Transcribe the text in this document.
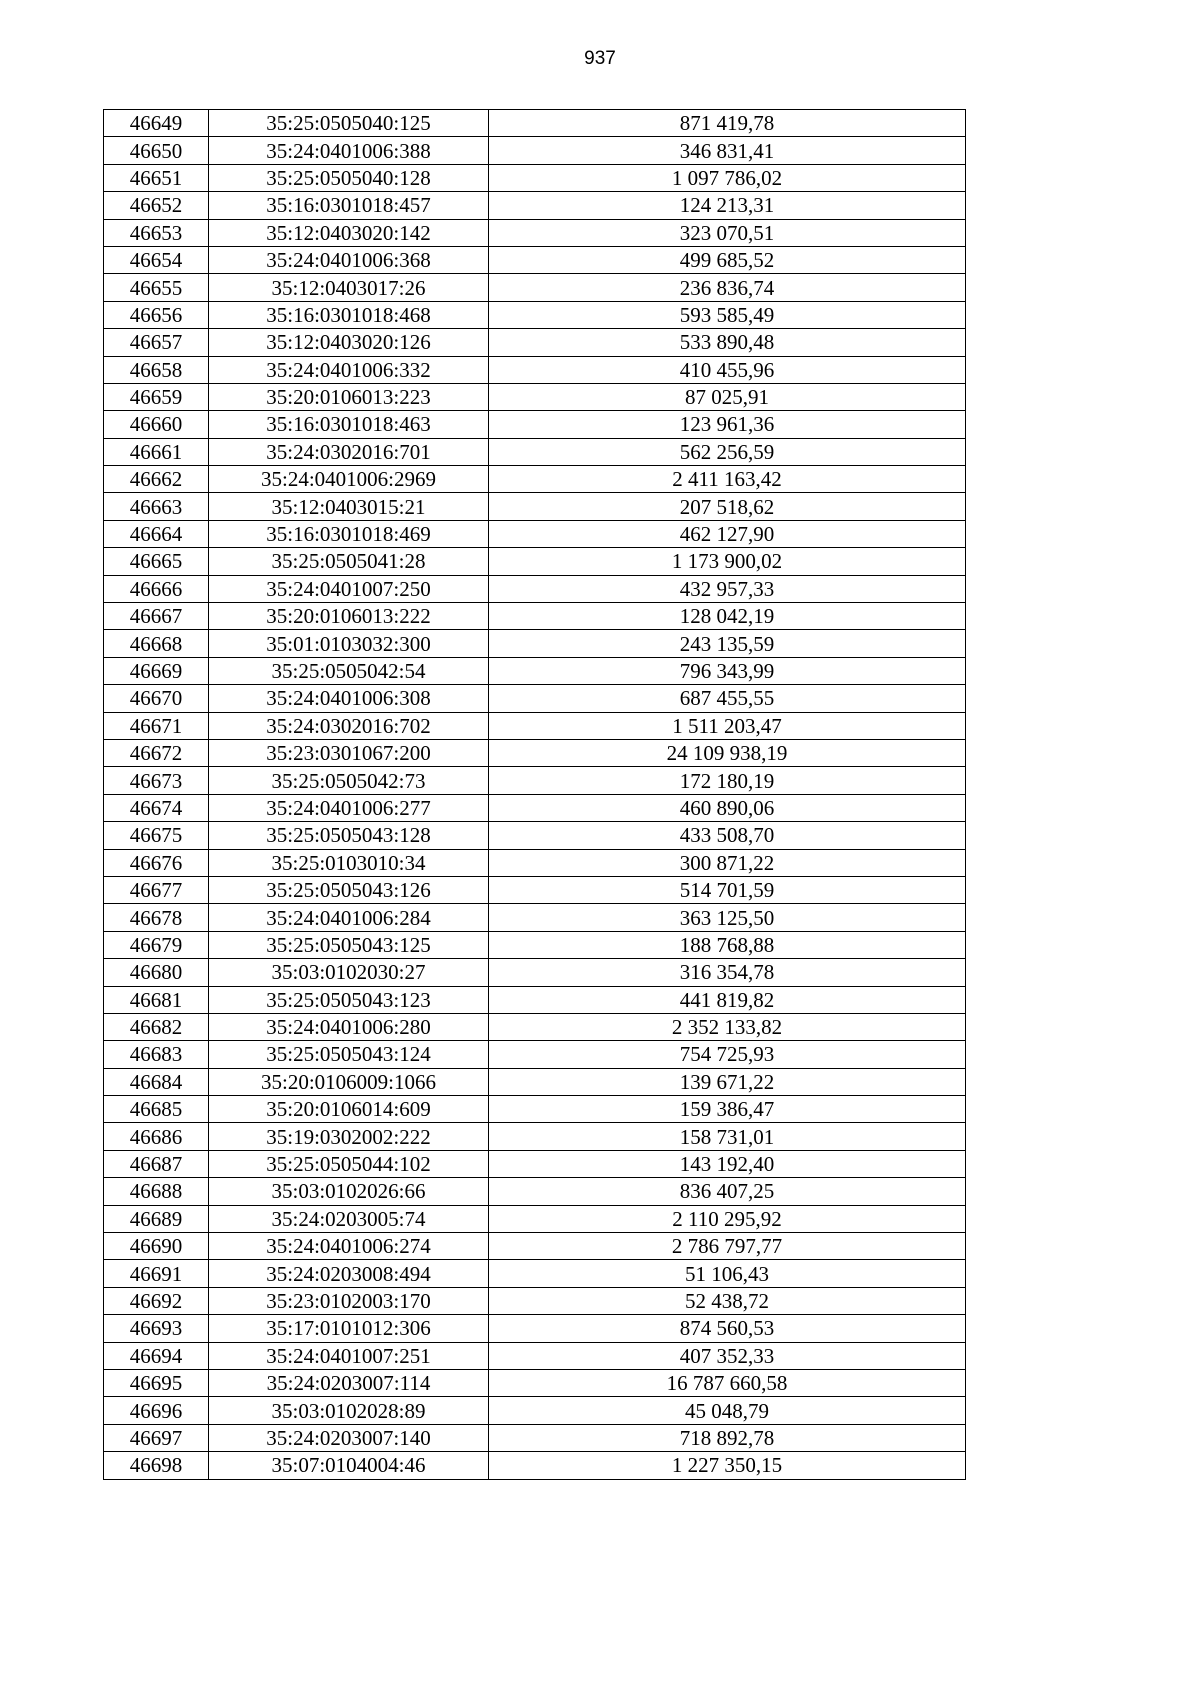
937
46649	35:25:0505040:125	871 419,78
46650	35:24:0401006:388	346 831,41
46651	35:25:0505040:128	1 097 786,02
46652	35:16:0301018:457	124 213,31
46653	35:12:0403020:142	323 070,51
46654	35:24:0401006:368	499 685,52
46655	35:12:0403017:26	236 836,74
46656	35:16:0301018:468	593 585,49
46657	35:12:0403020:126	533 890,48
46658	35:24:0401006:332	410 455,96
46659	35:20:0106013:223	87 025,91
46660	35:16:0301018:463	123 961,36
46661	35:24:0302016:701	562 256,59
46662	35:24:0401006:2969	2 411 163,42
46663	35:12:0403015:21	207 518,62
46664	35:16:0301018:469	462 127,90
46665	35:25:0505041:28	1 173 900,02
46666	35:24:0401007:250	432 957,33
46667	35:20:0106013:222	128 042,19
46668	35:01:0103032:300	243 135,59
46669	35:25:0505042:54	796 343,99
46670	35:24:0401006:308	687 455,55
46671	35:24:0302016:702	1 511 203,47
46672	35:23:0301067:200	24 109 938,19
46673	35:25:0505042:73	172 180,19
46674	35:24:0401006:277	460 890,06
46675	35:25:0505043:128	433 508,70
46676	35:25:0103010:34	300 871,22
46677	35:25:0505043:126	514 701,59
46678	35:24:0401006:284	363 125,50
46679	35:25:0505043:125	188 768,88
46680	35:03:0102030:27	316 354,78
46681	35:25:0505043:123	441 819,82
46682	35:24:0401006:280	2 352 133,82
46683	35:25:0505043:124	754 725,93
46684	35:20:0106009:1066	139 671,22
46685	35:20:0106014:609	159 386,47
46686	35:19:0302002:222	158 731,01
46687	35:25:0505044:102	143 192,40
46688	35:03:0102026:66	836 407,25
46689	35:24:0203005:74	2 110 295,92
46690	35:24:0401006:274	2 786 797,77
46691	35:24:0203008:494	51 106,43
46692	35:23:0102003:170	52 438,72
46693	35:17:0101012:306	874 560,53
46694	35:24:0401007:251	407 352,33
46695	35:24:0203007:114	16 787 660,58
46696	35:03:0102028:89	45 048,79
46697	35:24:0203007:140	718 892,78
46698	35:07:0104004:46	1 227 350,15
